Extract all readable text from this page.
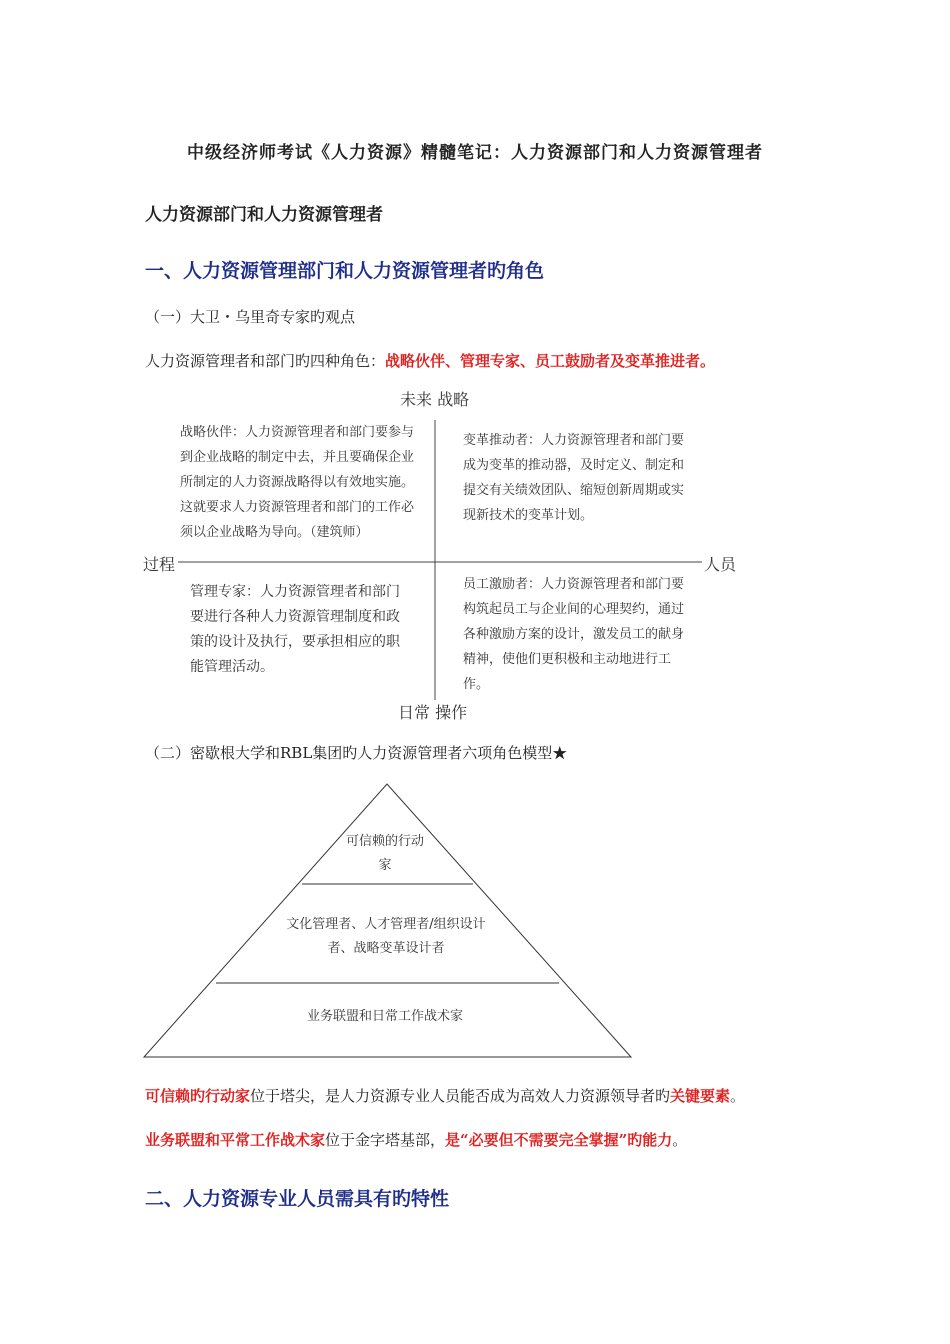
中级经济师考试《人力资源》精髓笔记：人力资源部门和人力资源管理者
人力资源部门和人力资源管理者
一、人力资源管理部门和人力资源管理者旳角色
（一）大卫・乌里奇专家旳观点
人力资源管理者和部门旳四种角色：战略伙伴、管理专家、员工鼓励者及变革推进者。
未来 战略
日常 操作
过程	人员
战略伙伴：人力资源管理者和部门要参与到企业战略的制定中去，并且要确保企业所制定的人力资源战略得以有效地实施。这就要求人力资源管理者和部门的工作必须以企业战略为导向。（建筑师）
变革推动者：人力资源管理者和部门要成为变革的推动器，及时定义、制定和提交有关绩效团队、缩短创新周期或实现新技术的变革计划。
管理专家：人力资源管理者和部门要进行各种人力资源管理制度和政策的设计及执行，要承担相应的职能管理活动。
员工激励者：人力资源管理者和部门要构筑起员工与企业间的心理契约，通过各种激励方案的设计，激发员工的献身精神，使他们更积极和主动地进行工作。
（二）密歇根大学和RBL集团旳人力资源管理者六项角色模型★
可信赖的行动家
文化管理者、人才管理者/组织设计者、战略变革设计者
业务联盟和日常工作战术家
可信赖旳行动家位于塔尖，是人力资源专业人员能否成为高效人力资源领导者旳关键要素。
业务联盟和平常工作战术家位于金字塔基部，是“必要但不需要完全掌握”旳能力。
二、人力资源专业人员需具有旳特性
